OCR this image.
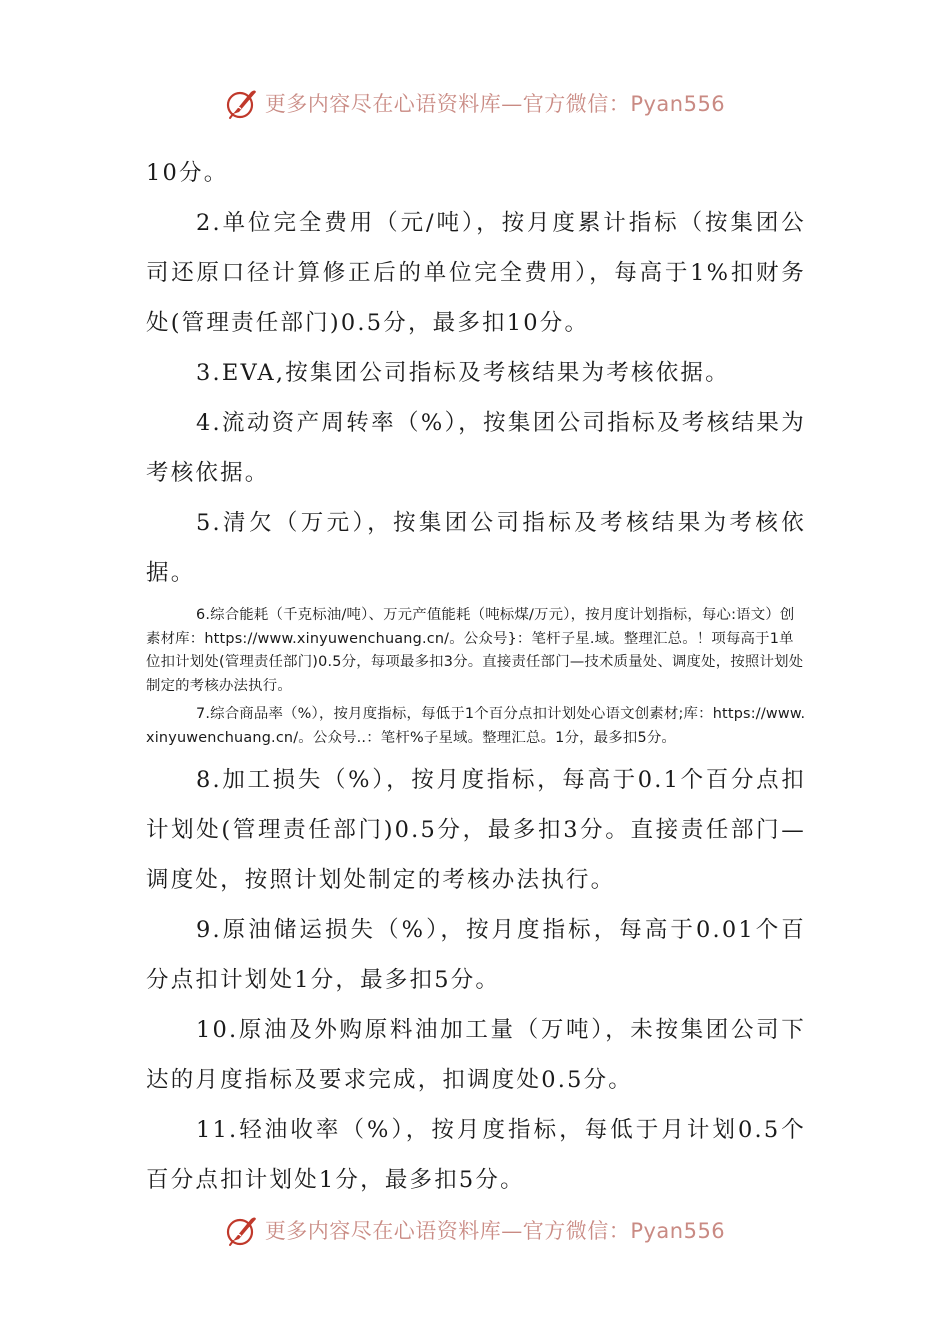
更多内容尽在心语资料库—官方微信：Pyan556

10分。

2.单位完全费用（元/吨），按月度累计指标（按集团公司还原口径计算修正后的单位完全费用），每高于1%扣财务处(管理责任部门)0.5分，最多扣10分。

3.EVA,按集团公司指标及考核结果为考核依据。

4.流动资产周转率（%），按集团公司指标及考核结果为考核依据。

5.清欠（万元），按集团公司指标及考核结果为考核依据。

6.综合能耗（千克标油/吨）、万元产值能耗（吨标煤/万元），按月度计划指标，每心:语文）创素材库：https://www.xinyuwenchuang.cn/。公众号}：笔杆子星.域。整理汇总。！项每高于1单位扣计划处(管理责任部门)0.5分，每项最多扣3分。直接责任部门—技术质量处、调度处，按照计划处制定的考核办法执行。

7.综合商品率（%），按月度指标，每低于1个百分点扣计划处心语文创素材;库：https://www.xinyuwenchuang.cn/。公众号..：笔杆%子星域。整理汇总。1分，最多扣5分。

8.加工损失（%），按月度指标，每高于0.1个百分点扣计划处(管理责任部门)0.5分，最多扣3分。直接责任部门—调度处，按照计划处制定的考核办法执行。

9.原油储运损失（%），按月度指标，每高于0.01个百分点扣计划处1分，最多扣5分。

10.原油及外购原料油加工量（万吨），未按集团公司下达的月度指标及要求完成，扣调度处0.5分。

11.轻油收率（%），按月度指标，每低于月计划0.5个百分点扣计划处1分，最多扣5分。

更多内容尽在心语资料库—官方微信：Pyan556
